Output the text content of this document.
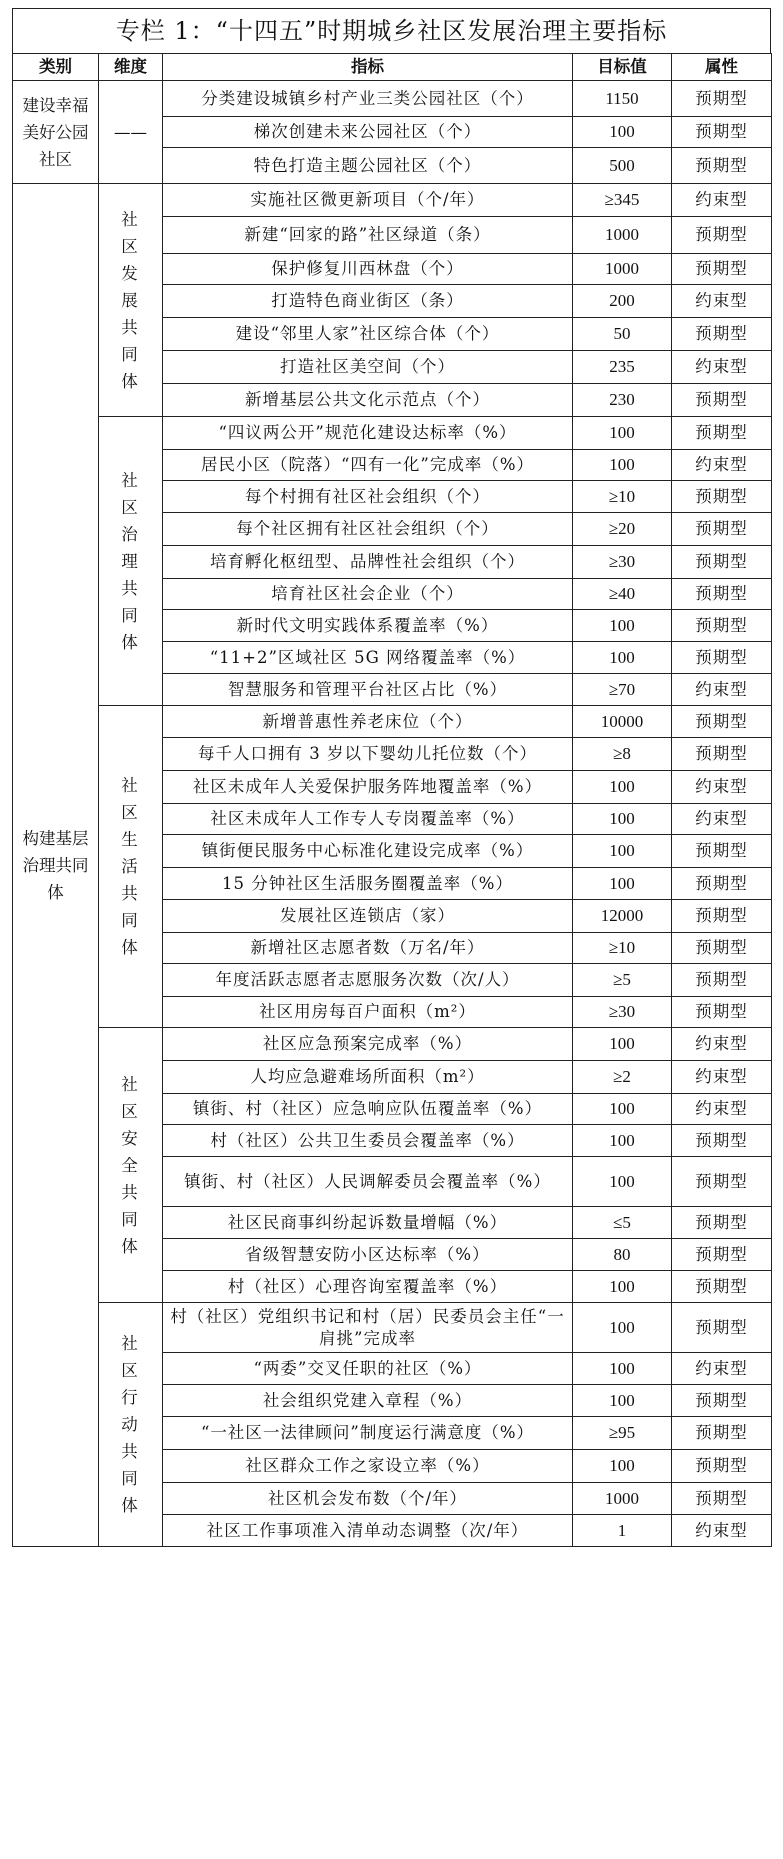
专栏 1：“十四五”时期城乡社区发展治理主要指标
类别	维度	指标	目标值	属性
建设幸福美好公园社区	——	分类建设城镇乡村产业三类公园社区（个）	1150	预期型
		梯次创建未来公园社区（个）	100	预期型
		特色打造主题公园社区（个）	500	预期型
构建基层治理共同体	社区发展共同体	实施社区微更新项目（个/年）	≥345	约束型
		新建“回家的路”社区绿道（条）	1000	预期型
		保护修复川西林盘（个）	1000	预期型
		打造特色商业街区（条）	200	约束型
		建设“邻里人家”社区综合体（个）	50	预期型
		打造社区美空间（个）	235	约束型
		新增基层公共文化示范点（个）	230	预期型
	社区治理共同体	“四议两公开”规范化建设达标率（%）	100	预期型
		居民小区（院落）“四有一化”完成率（%）	100	约束型
		每个村拥有社区社会组织（个）	≥10	预期型
		每个社区拥有社区社会组织（个）	≥20	预期型
		培育孵化枢纽型、品牌性社会组织（个）	≥30	预期型
		培育社区社会企业（个）	≥40	预期型
		新时代文明实践体系覆盖率（%）	100	预期型
		“11+2”区域社区 5G 网络覆盖率（%）	100	预期型
		智慧服务和管理平台社区占比（%）	≥70	约束型
	社区生活共同体	新增普惠性养老床位（个）	10000	预期型
		每千人口拥有 3 岁以下婴幼儿托位数（个）	≥8	预期型
		社区未成年人关爱保护服务阵地覆盖率（%）	100	约束型
		社区未成年人工作专人专岗覆盖率（%）	100	约束型
		镇街便民服务中心标准化建设完成率（%）	100	预期型
		15 分钟社区生活服务圈覆盖率（%）	100	预期型
		发展社区连锁店（家）	12000	预期型
		新增社区志愿者数（万名/年）	≥10	预期型
		年度活跃志愿者志愿服务次数（次/人）	≥5	预期型
		社区用房每百户面积（m²）	≥30	预期型
	社区安全共同体	社区应急预案完成率（%）	100	约束型
		人均应急避难场所面积（m²）	≥2	约束型
		镇街、村（社区）应急响应队伍覆盖率（%）	100	约束型
		村（社区）公共卫生委员会覆盖率（%）	100	预期型
		镇街、村（社区）人民调解委员会覆盖率（%）	100	预期型
		社区民商事纠纷起诉数量增幅（%）	≤5	预期型
		省级智慧安防小区达标率（%）	80	预期型
		村（社区）心理咨询室覆盖率（%）	100	预期型
	社区行动共同体	村（社区）党组织书记和村（居）民委员会主任“一肩挑”完成率	100	预期型
		“两委”交叉任职的社区（%）	100	约束型
		社会组织党建入章程（%）	100	预期型
		“一社区一法律顾问”制度运行满意度（%）	≥95	预期型
		社区群众工作之家设立率（%）	100	预期型
		社区机会发布数（个/年）	1000	预期型
		社区工作事项准入清单动态调整（次/年）	1	约束型
